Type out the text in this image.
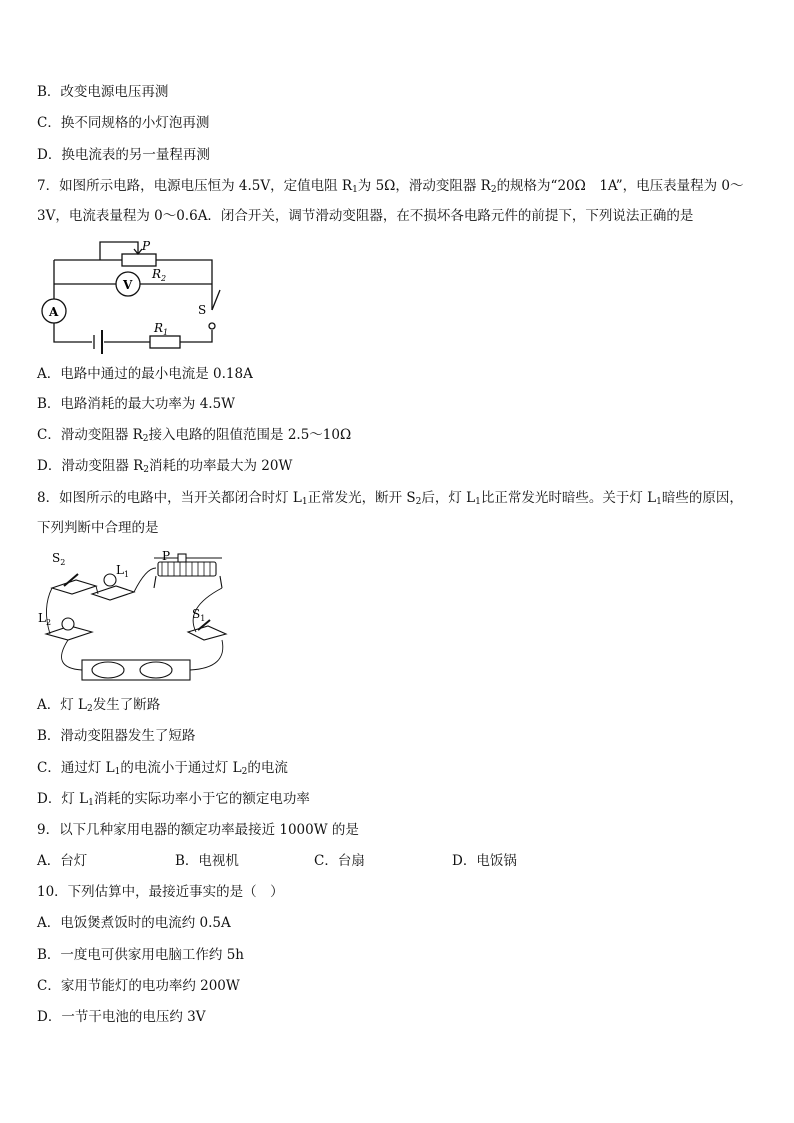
B．改变电源电压再测
C．换不同规格的小灯泡再测
D．换电流表的另一量程再测
7．如图所示电路，电源电压恒为 4.5V，定值电阻 $R_1$为 5Ω，滑动变阻器 $R_2$的规格为“20Ω　1A”，电压表量程为 0～
3V，电流表量程为 0～0.6A．闭合开关，调节滑动变阻器，在不损坏各电路元件的前提下，下列说法正确的是
P
$R_2$
V
A	S
$R_1$
A．电路中通过的最小电流是 0.18A
B．电路消耗的最大功率为 4.5W
C．滑动变阻器 $R_2$接入电路的阻值范围是 2.5～10Ω
D．滑动变阻器 $R_2$消耗的功率最大为 20W
8．如图所示的电路中，当开关都闭合时灯 $L_1$正常发光，断开 $S_2$后，灯 $L_1$比正常发光时暗些。关于灯 $L_1$暗些的原因，
下列判断中合理的是
$S_2$
$L_1$
P
$L_2$
$S_1$
A．灯 $L_2$发生了断路
B．滑动变阻器发生了短路
C．通过灯 $L_1$的电流小于通过灯 $L_2$的电流
D．灯 $L_1$消耗的实际功率小于它的额定电功率
9．以下几种家用电器的额定功率最接近 1000W 的是
A．台灯	B．电视机	C．台扇	D．电饭锅
10．下列估算中，最接近事实的是（　）
A．电饭煲煮饭时的电流约 0.5A
B．一度电可供家用电脑工作约 5h
C．家用节能灯的电功率约 200W
D．一节干电池的电压约 3V
